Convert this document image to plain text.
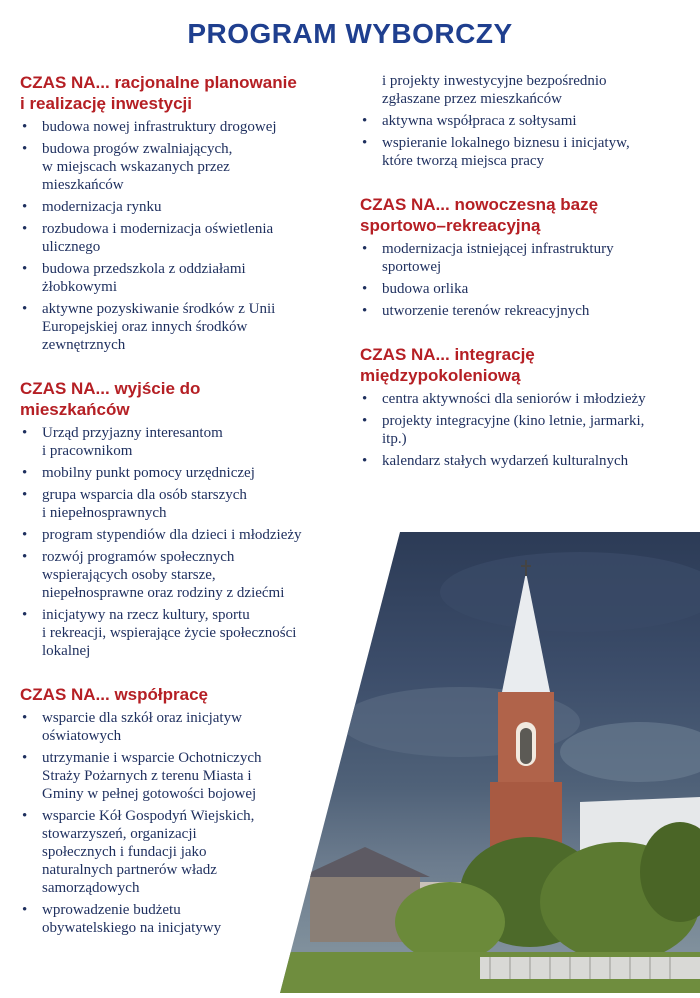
PROGRAM WYBORCZY
CZAS NA... racjonalne planowanie
i realizację inwestycji
• budowa nowej infrastruktury drogowej
• budowa progów zwalniających,
w miejscach wskazanych przez
mieszkańców
• modernizacja rynku
• rozbudowa i modernizacja oświetlenia
ulicznego
• budowa przedszkola z oddziałami
żłobkowymi
• aktywne pozyskiwanie środków z Unii
Europejskiej oraz innych środków
zewnętrznych
CZAS NA... wyjście do
mieszkańców
• Urząd przyjazny interesantom
i pracownikom
• mobilny punkt pomocy urzędniczej
• grupa wsparcia dla osób starszych
i niepełnosprawnych
• program stypendiów dla dzieci i młodzieży
• rozwój programów społecznych
wspierających osoby starsze,
niepełnosprawne oraz rodziny z dziećmi
• inicjatywy na rzecz kultury, sportu
i rekreacji, wspierające życie społeczności
lokalnej
CZAS NA... współpracę
• wsparcie dla szkół oraz inicjatyw
oświatowych
• utrzymanie i wsparcie Ochotniczych
Straży Pożarnych z terenu Miasta i
Gminy w pełnej gotowości bojowej
• wsparcie Kół Gospodyń Wiejskich,
stowarzyszeń, organizacji
społecznych i fundacji jako
naturalnych partnerów władz
samorządowych
• wprowadzenie budżetu
obywatelskiego na inicjatywy
i projekty inwestycyjne bezpośrednio
zgłaszane przez mieszkańców
• aktywna współpraca z sołtysami
• wspieranie lokalnego biznesu i inicjatyw,
które tworzą miejsca pracy
CZAS NA... nowoczesną bazę
sportowo–rekreacyjną
• modernizacja istniejącej infrastruktury
sportowej
• budowa orlika
• utworzenie terenów rekreacyjnych
CZAS NA... integrację
międzypokoleniową
• centra aktywności dla seniorów i młodzieży
• projekty integracyjne (kino letnie, jarmarki,
itp.)
• kalendarz stałych wydarzeń kulturalnych
